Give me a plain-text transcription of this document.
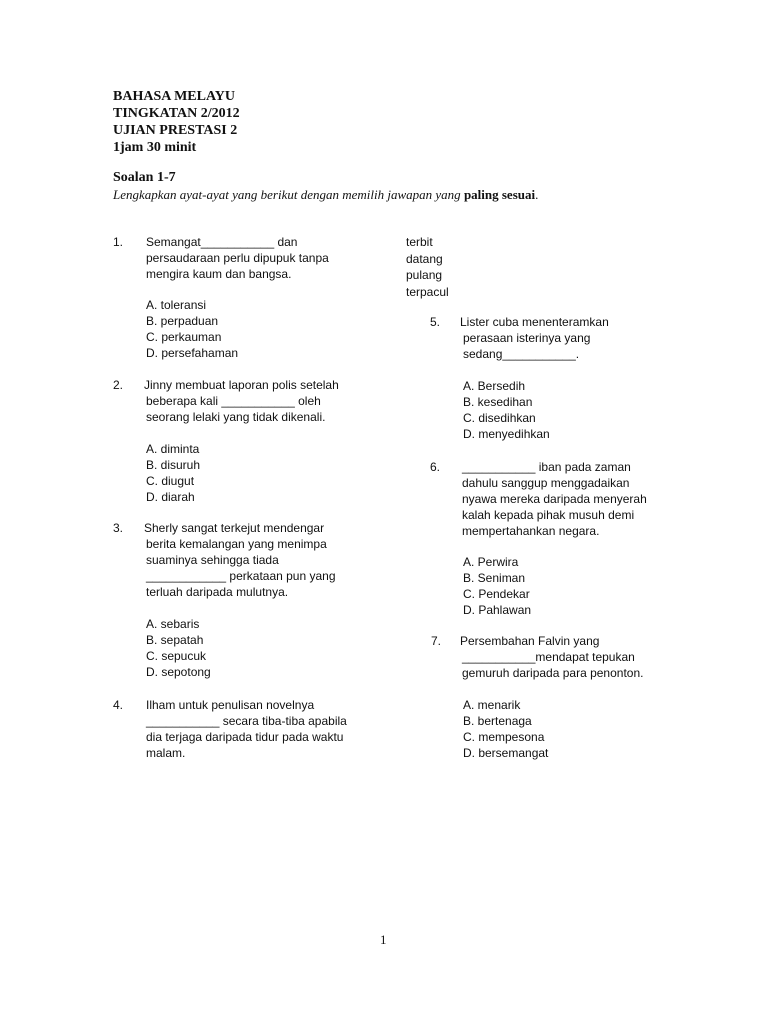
BAHASA MELAYU
TINGKATAN 2/2012
UJIAN PRESTASI 2
1jam 30 minit
Soalan 1-7
Lengkapkan ayat-ayat yang berikut dengan memilih jawapan yang paling sesuai.
1. Semangat___________ dan
persaudaraan perlu dipupuk tanpa
mengira kaum dan bangsa.
A. toleransi
B. perpaduan
C. perkauman
D. persefahaman
2. Jinny membuat laporan polis setelah
beberapa kali ___________ oleh
seorang lelaki yang tidak dikenali.
A. diminta
B. disuruh
C. diugut
D. diarah
3. Sherly sangat terkejut mendengar
berita kemalangan yang menimpa
suaminya sehingga tiada
____________ perkataan pun yang
terluah daripada mulutnya.
A. sebaris
B. sepatah
C. sepucuk
D. sepotong
4. Ilham untuk penulisan novelnya
___________ secara tiba-tiba apabila
dia terjaga daripada tidur pada waktu
malam.
terbit
datang
pulang
terpacul
5. Lister cuba menenteramkan
perasaan isterinya yang
sedang___________.
A. Bersedih
B. kesedihan
C. disedihkan
D. menyedihkan
6. ___________ iban pada zaman
dahulu sanggup menggadaikan
nyawa mereka daripada menyerah
kalah kepada pihak musuh demi
mempertahankan negara.
A. Perwira
B. Seniman
C. Pendekar
D. Pahlawan
7. Persembahan Falvin yang
___________mendapat tepukan
gemuruh daripada para penonton.
A. menarik
B. bertenaga
C. mempesona
D. bersemangat
1
